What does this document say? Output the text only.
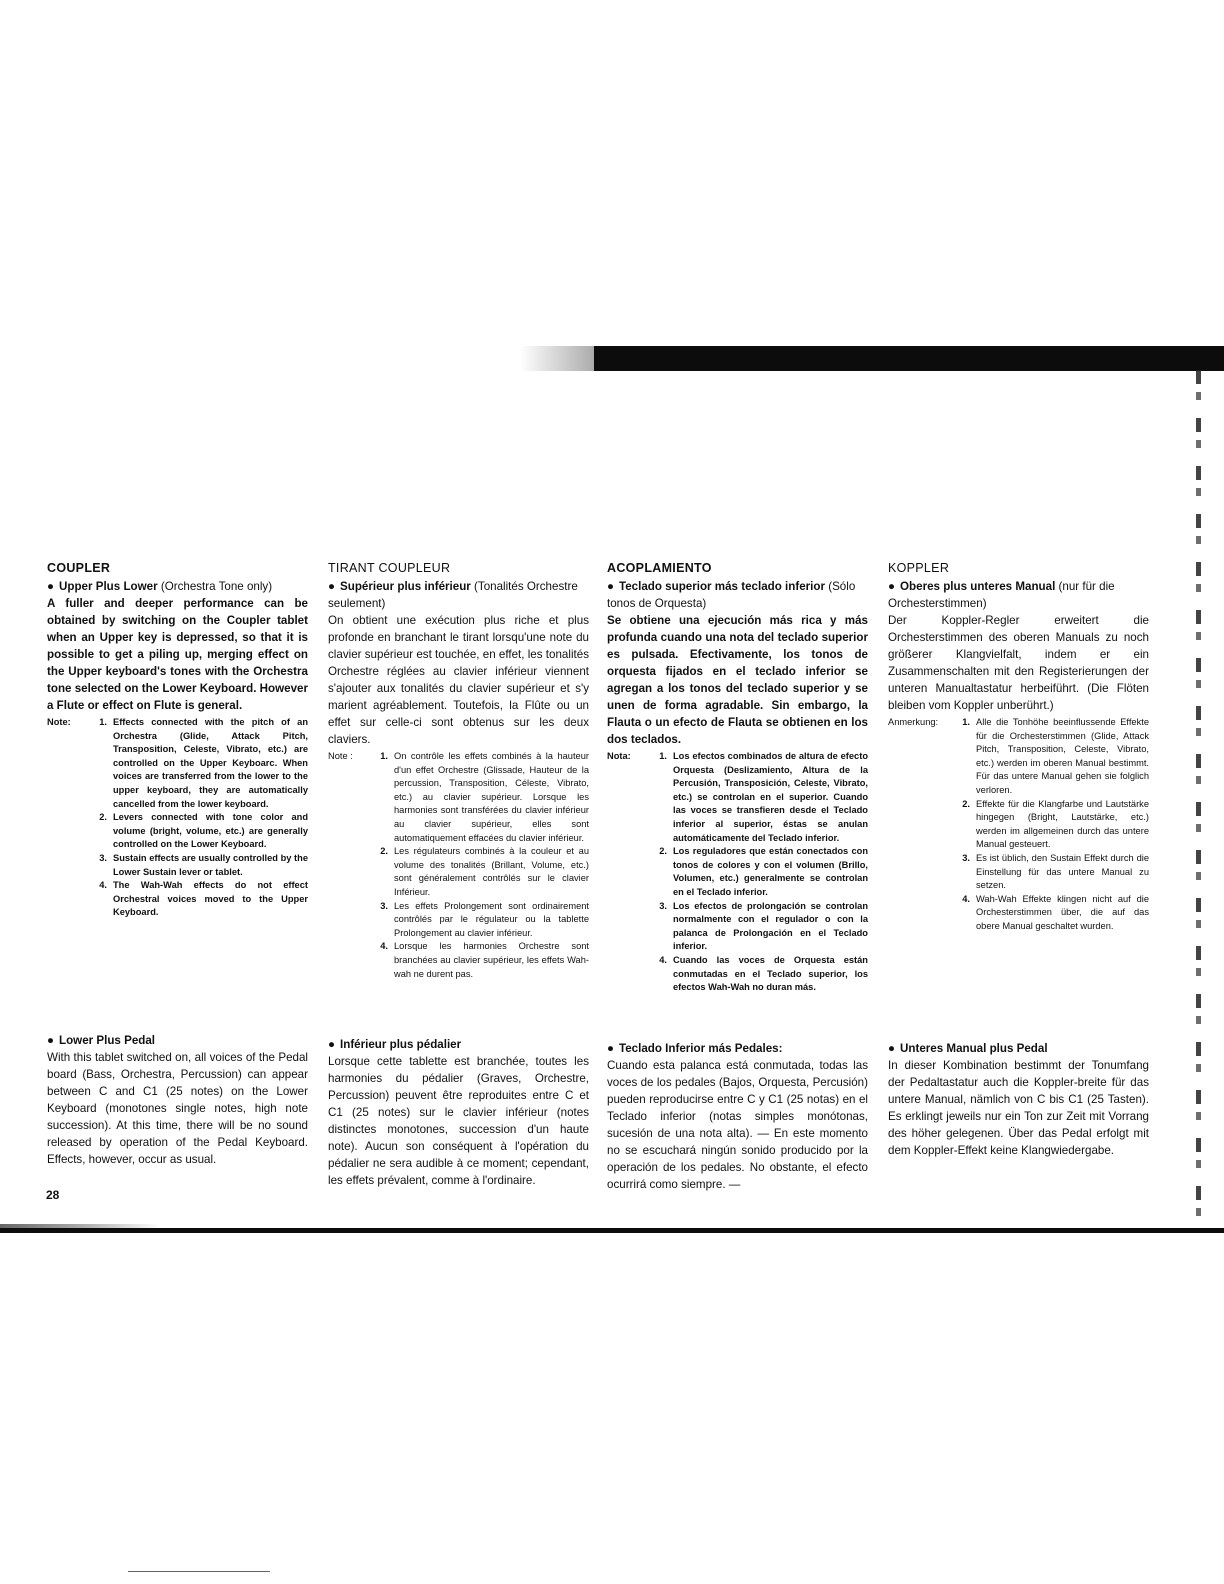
COUPLER

● Upper Plus Lower (Orchestra Tone only)

A fuller and deeper performance can be obtained by switching on the Coupler tablet when an Upper key is depressed, so that it is possible to get a piling up, merging effect on the Upper keyboard's tones with the Orchestra tone selected on the Lower Keyboard. However a Flute or effect on Flute is general.

Note:	1. Effects connected with the pitch of an Orchestra (Glide, Attack Pitch, Transposition, Celeste, Vibrato, etc.) are controlled on the Upper Keyboarc. When voices are transferred from the lower to the upper keyboard, they are automatically cancelled from the lower keyboard.
2. Levers connected with tone color and volume (bright, volume, etc.) are generally controlled on the Lower Keyboard.
3. Sustain effects are usually controlled by the Lower Sustain lever or tablet.
4. The Wah-Wah effects do not effect Orchestral voices moved to the Upper Keyboard.

TIRANT COUPLEUR

● Supérieur plus inférieur (Tonalités Orchestre seulement)

On obtient une exécution plus riche et plus profonde en branchant le tirant lorsqu'une note du clavier supérieur est touchée, en effet, les tonalités Orchestre réglées au clavier inférieur viennent s'ajouter aux tonalités du clavier supérieur et s'y marient agréablement. Toutefois, la Flûte ou un effet sur celle-ci sont obtenus sur les deux claviers.

Note :	1. On contrôle les effets combinés à la hauteur d'un effet Orchestre (Glissade, Hauteur de la percussion, Transposition, Céleste, Vibrato, etc.) au clavier supérieur. Lorsque les harmonies sont transférées du clavier inférieur au clavier supérieur, elles sont automatiquement effacées du clavier inférieur.
2. Les régulateurs combinés à la couleur et au volume des tonalités (Brillant, Volume, etc.) sont généralement contrôlés sur le clavier Inférieur.
3. Les effets Prolongement sont ordinairement contrôlés par le régulateur ou la tablette Prolongement au clavier inférieur.
4. Lorsque les harmonies Orchestre sont branchées au clavier supérieur, les effets Wah-wah ne durent pas.

ACOPLAMIENTO

● Teclado superior más teclado inferior (Sólo tonos de Orquesta)

Se obtiene una ejecución más rica y más profunda cuando una nota del teclado superior es pulsada. Efectivamente, los tonos de orquesta fijados en el teclado inferior se agregan a los tonos del teclado superior y se unen de forma agradable. Sin embargo, la Flauta o un efecto de Flauta se obtienen en los dos teclados.

Nota:	1. Los efectos combinados de altura de efecto Orquesta (Deslizamiento, Altura de la Percusión, Transposición, Celeste, Vibrato, etc.) se controlan en el superior. Cuando las voces se transfieren desde el Teclado inferior al superior, éstas se anulan automáticamente del Teclado inferior.
2. Los reguladores que están conectados con tonos de colores y con el volumen (Brillo, Volumen, etc.) generalmente se controlan en el Teclado inferior.
3. Los efectos de prolongación se controlan normalmente con el regulador o con la palanca de Prolongación en el Teclado inferior.
4. Cuando las voces de Orquesta están conmutadas en el Teclado superior, los efectos Wah-Wah no duran más.

KOPPLER

● Oberes plus unteres Manual (nur für die Orchesterstimmen)

Der Koppler-Regler erweitert die Orchesterstimmen des oberen Manuals zu noch größerer Klangvielfalt, indem er ein Zusammenschalten mit den Registerierungen der unteren Manualtastatur herbeiführt. (Die Flöten bleiben vom Koppler unberührt.)

Anmerkung:	1. Alle die Tonhöhe beeinflussende Effekte für die Orchesterstimmen (Glide, Attack Pitch, Transposition, Celeste, Vibrato, etc.) werden im oberen Manual bestimmt. Für das untere Manual gehen sie folglich verloren.
2. Effekte für die Klangfarbe und Lautstärke hingegen (Bright, Lautstärke, etc.) werden im allgemeinen durch das untere Manual gesteuert.
3. Es ist üblich, den Sustain Effekt durch die Einstellung für das untere Manual zu setzen.
4. Wah-Wah Effekte klingen nicht auf die Orchesterstimmen über, die auf das obere Manual geschaltet wurden.

● Lower Plus Pedal

With this tablet switched on, all voices of the Pedal board (Bass, Orchestra, Percussion) can appear between C and C1 (25 notes) on the Lower Keyboard (monotones single notes, high note succession). At this time, there will be no sound released by operation of the Pedal Keyboard. Effects, however, occur as usual.

● Inférieur plus pédalier

Lorsque cette tablette est branchée, toutes les harmonies du pédalier (Graves, Orchestre, Percussion) peuvent être reproduites entre C et C1 (25 notes) sur le clavier inférieur (notes distinctes monotones, succession d'un haute note). Aucun son conséquent à l'opération du pédalier ne sera audible à ce moment; cependant, les effets prévalent, comme à l'ordinaire.

● Teclado Inferior más Pedales:

Cuando esta palanca está conmutada, todas las voces de los pedales (Bajos, Orquesta, Percusión) pueden reproducirse entre C y C1 (25 notas) en el Teclado inferior (notas simples monótonas, sucesión de una nota alta). — En este momento no se escuchará ningún sonido producido por la operación de los pedales. No obstante, el efecto ocurrirá como siempre. —

● Unteres Manual plus Pedal

In dieser Kombination bestimmt der Tonumfang der Pedaltastatur auch die Koppler-breite für das untere Manual, nämlich von C bis C1 (25 Tasten). Es erklingt jeweils nur ein Ton zur Zeit mit Vorrang des höher gelegenen. Über das Pedal erfolgt mit dem Koppler-Effekt keine Klangwiedergabe.

28
